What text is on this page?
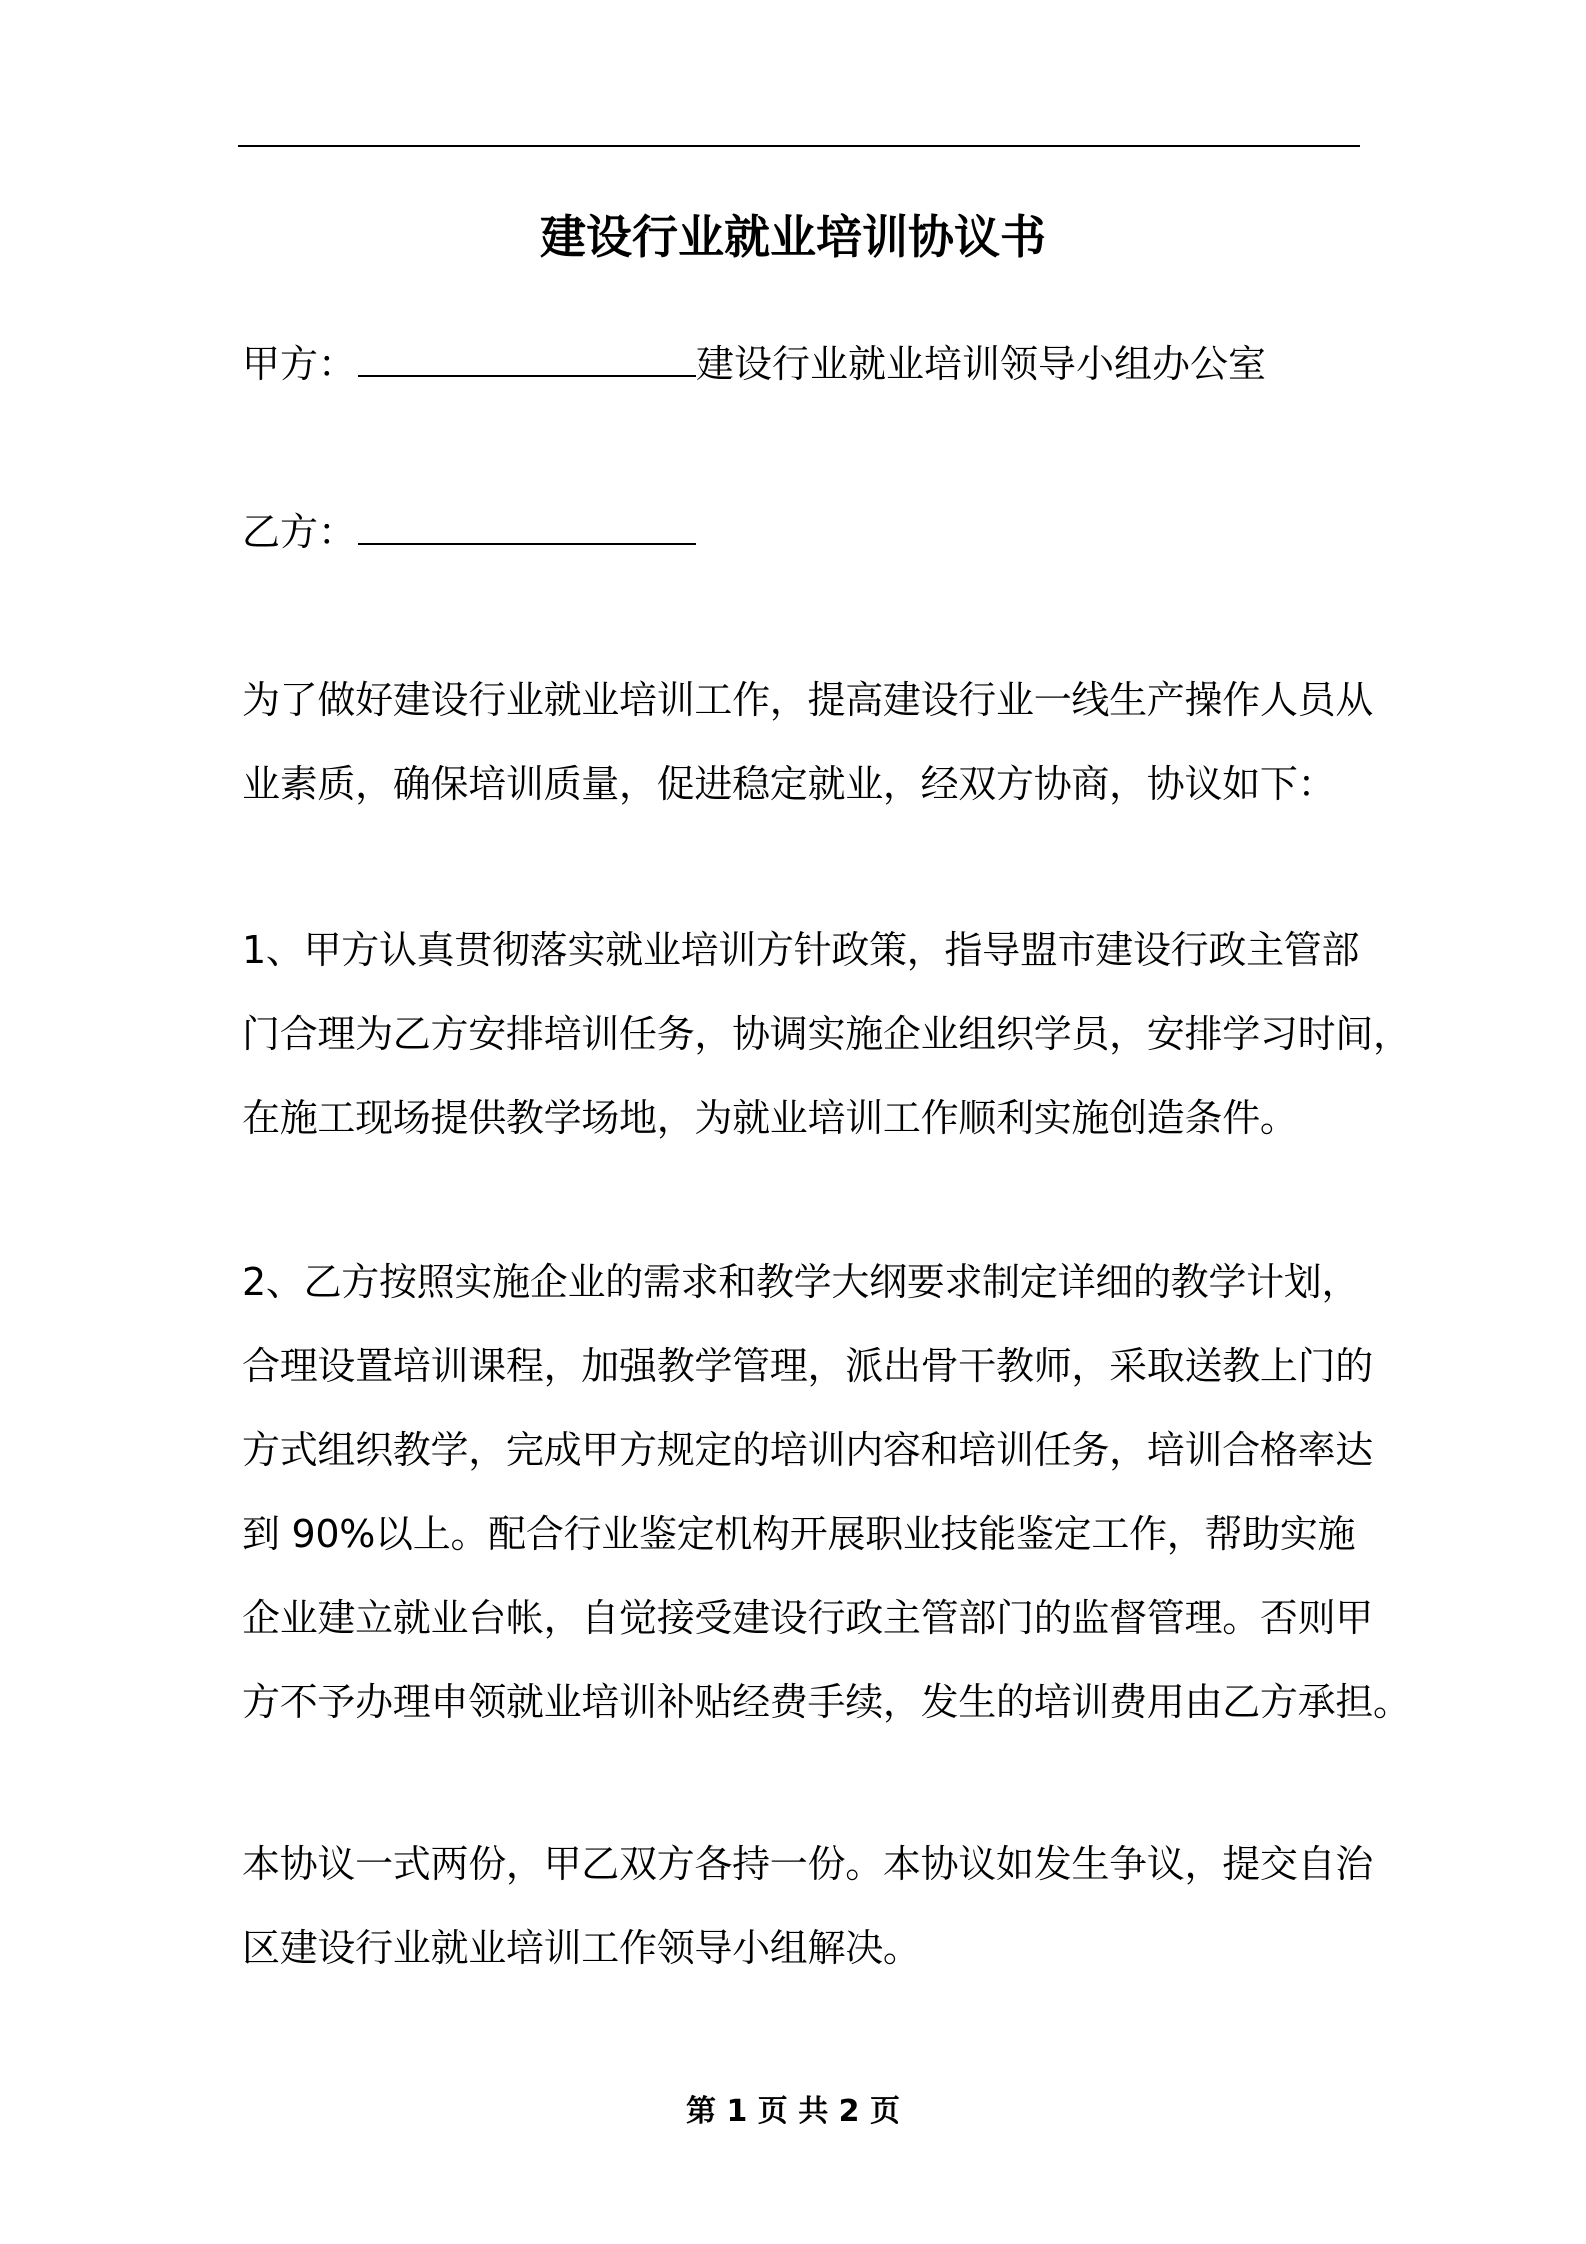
建设行业就业培训协议书
甲方：	建设行业就业培训领导小组办公室
乙方：

为了做好建设行业就业培训工作，提高建设行业一线生产操作人员从
业素质，确保培训质量，促进稳定就业，经双方协商，协议如下：

1、甲方认真贯彻落实就业培训方针政策，指导盟市建设行政主管部
门合理为乙方安排培训任务，协调实施企业组织学员，安排学习时间，
在施工现场提供教学场地，为就业培训工作顺利实施创造条件。

2、乙方按照实施企业的需求和教学大纲要求制定详细的教学计划，
合理设置培训课程，加强教学管理，派出骨干教师，采取送教上门的
方式组织教学，完成甲方规定的培训内容和培训任务，培训合格率达
到 90%以上。配合行业鉴定机构开展职业技能鉴定工作，帮助实施
企业建立就业台帐，自觉接受建设行政主管部门的监督管理。否则甲
方不予办理申领就业培训补贴经费手续，发生的培训费用由乙方承担。

本协议一式两份，甲乙双方各持一份。本协议如发生争议，提交自治
区建设行业就业培训工作领导小组解决。

第 1 页 共 2 页
